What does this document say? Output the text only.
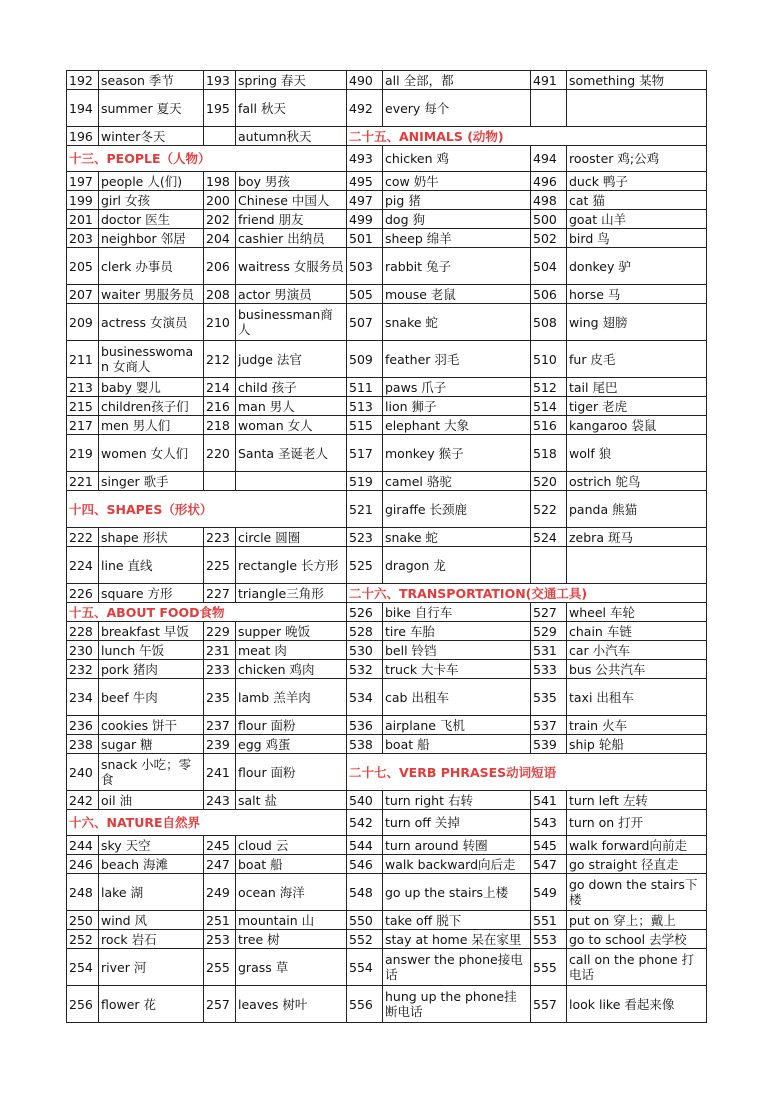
192	season 季节	193	spring 春天	490	all 全部，都	491	something 某物
194	summer 夏天	195	fall 秋天	492	every 每个		
196	winter冬天		autumn秋天	二十五、ANIMALS (动物)			
十三、PEOPLE（人物）				493	chicken 鸡	494	rooster 鸡;公鸡
197	people 人(们)	198	boy 男孩	495	cow 奶牛	496	duck 鸭子
199	girl 女孩	200	Chinese 中国人	497	pig 猪	498	cat 猫
201	doctor 医生	202	friend 朋友	499	dog 狗	500	goat 山羊
203	neighbor 邻居	204	cashier 出纳员	501	sheep 绵羊	502	bird 鸟
205	clerk 办事员	206	waitress 女服务员	503	rabbit 兔子	504	donkey 驴
207	waiter 男服务员	208	actor 男演员	505	mouse 老鼠	506	horse 马
209	actress 女演员	210	businessman商人	507	snake 蛇	508	wing 翅膀
211	businesswoman 女商人	212	judge 法官	509	feather 羽毛	510	fur 皮毛
213	baby 婴儿	214	child 孩子	511	paws 爪子	512	tail 尾巴
215	children孩子们	216	man 男人	513	lion 狮子	514	tiger 老虎
217	men 男人们	218	woman 女人	515	elephant 大象	516	kangaroo 袋鼠
219	women 女人们	220	Santa 圣诞老人	517	monkey 猴子	518	wolf 狼
221	singer 歌手			519	camel 骆驼	520	ostrich 鸵鸟
十四、SHAPES（形状）				521	giraffe 长颈鹿	522	panda 熊猫
222	shape 形状	223	circle 圆圈	523	snake 蛇	524	zebra 斑马
224	line 直线	225	rectangle 长方形	525	dragon 龙		
226	square 方形	227	triangle三角形	二十六、TRANSPORTATION(交通工具)			
十五、ABOUT FOOD食物				526	bike 自行车	527	wheel 车轮
228	breakfast 早饭	229	supper 晚饭	528	tire 车胎	529	chain 车链
230	lunch 午饭	231	meat 肉	530	bell 铃铛	531	car 小汽车
232	pork 猪肉	233	chicken 鸡肉	532	truck 大卡车	533	bus 公共汽车
234	beef 牛肉	235	lamb 羔羊肉	534	cab 出租车	535	taxi 出租车
236	cookies 饼干	237	flour 面粉	536	airplane 飞机	537	train 火车
238	sugar 糖	239	egg 鸡蛋	538	boat 船	539	ship 轮船
240	snack 小吃；零食	241	flour 面粉	二十七、VERB PHRASES动词短语			
242	oil 油	243	salt 盐	540	turn right 右转	541	turn left 左转
十六、NATURE自然界				542	turn off 关掉	543	turn on 打开
244	sky 天空	245	cloud 云	544	turn around 转圈	545	walk forward向前走
246	beach 海滩	247	boat 船	546	walk backward向后走	547	go straight 径直走
248	lake 湖	249	ocean 海洋	548	go up the stairs上楼	549	go down the stairs下楼
250	wind 风	251	mountain 山	550	take off 脱下	551	put on 穿上；戴上
252	rock 岩石	253	tree 树	552	stay at home 呆在家里	553	go to school 去学校
254	river 河	255	grass 草	554	answer the phone接电话	555	call on the phone 打电话
256	flower 花	257	leaves 树叶	556	hung up the phone挂断电话	557	look like 看起来像
